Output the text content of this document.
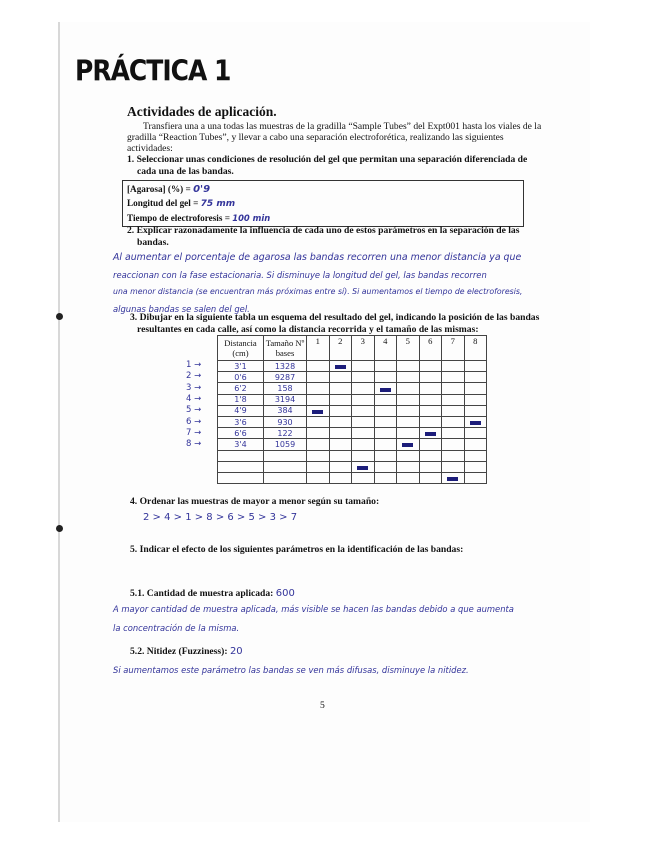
PRÁCTICA 1
Actividades de aplicación.
Transfiera una a una todas las muestras de la gradilla “Sample Tubes” del Expt001 hasta los viales de la
gradilla “Reaction Tubes”, y llevar a cabo una separación electroforética, realizando las siguientes
actividades:
1. Seleccionar unas condiciones de resolución del gel que permitan una separación diferenciada de
cada una de las bandas.
[Agarosa] (%) = 0'9
Longitud del gel = 75 mm
Tiempo de electroforesis = 100 min
2. Explicar razonadamente la influencia de cada uno de estos parámetros en la separación de las
bandas.
Al aumentar el porcentaje de agarosa las bandas recorren una menor distancia ya que
reaccionan con la fase estacionaria. Si disminuye la longitud del gel, las bandas recorren
una menor distancia (se encuentran más próximas entre sí). Si aumentamos el tiempo de electroforesis,
algunas bandas se salen del gel.
3. Dibujar en la siguiente tabla un esquema del resultado del gel, indicando la posición de las bandas
resultantes en cada calle, así como la distancia recorrida y el tamaño de las mismas:
1 →
2 →
3 →
4 →
5 →
6 →
7 →
8 →
Distancia (cm)	Tamaño Nº bases	1	2	3	4	5	6	7	8
3'1	1328								
0'6	9287								
6'2	158								
1'8	3194								
4'9	384								
3'6	930								
6'6	122								
3'4	1059								

4. Ordenar las muestras de mayor a menor según su tamaño:
2 > 4 > 1 > 8 > 6 > 5 > 3 > 7
5. Indicar el efecto de los siguientes parámetros en la identificación de las bandas:
5.1. Cantidad de muestra aplicada: 600
A mayor cantidad de muestra aplicada, más visible se hacen las bandas debido a que aumenta
la concentración de la misma.
5.2. Nitidez (Fuzziness): 20
Si aumentamos este parámetro las bandas se ven más difusas, disminuye la nitidez.
5
